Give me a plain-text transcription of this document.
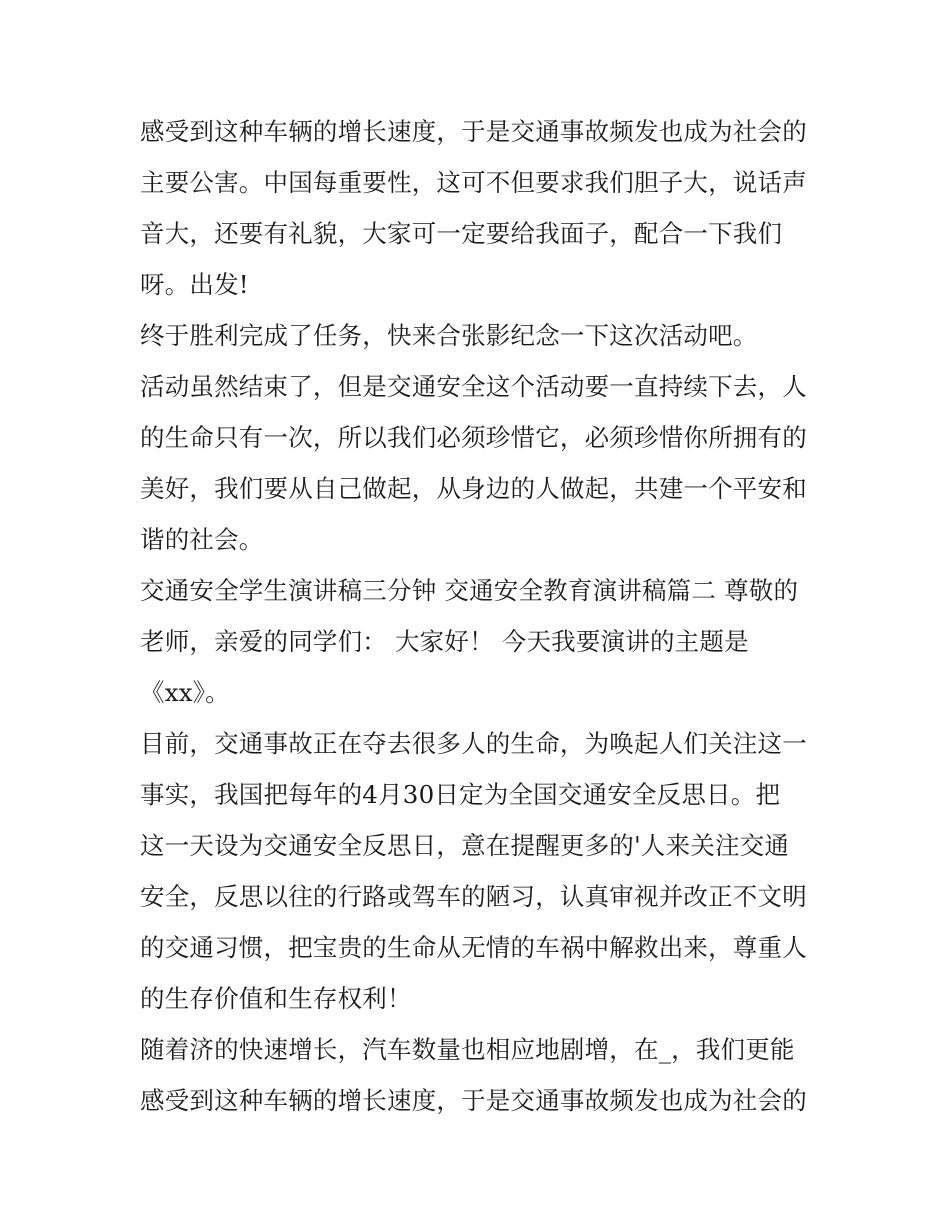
感受到这种车辆的增长速度，于是交通事故频发也成为社会的
主要公害。中国每重要性，这可不但要求我们胆子大，说话声
音大，还要有礼貌，大家可一定要给我面子，配合一下我们
呀。出发!

终于胜利完成了任务，快来合张影纪念一下这次活动吧。

活动虽然结束了，但是交通安全这个活动要一直持续下去，人
的生命只有一次，所以我们必须珍惜它，必须珍惜你所拥有的
美好，我们要从自己做起，从身边的人做起，共建一个平安和
谐的社会。

交通安全学生演讲稿三分钟 交通安全教育演讲稿篇二 尊敬的
老师，亲爱的同学们： 大家好！ 今天我要演讲的主题是
《xx》。

目前，交通事故正在夺去很多人的生命，为唤起人们关注这一
事实，我国把每年的4月30日定为全国交通安全反思日。把
这一天设为交通安全反思日，意在提醒更多的'人来关注交通
安全，反思以往的行路或驾车的陋习，认真审视并改正不文明
的交通习惯，把宝贵的生命从无情的车祸中解救出来，尊重人
的生存价值和生存权利！

随着济的快速增长，汽车数量也相应地剧增，在_，我们更能
感受到这种车辆的增长速度，于是交通事故频发也成为社会的
